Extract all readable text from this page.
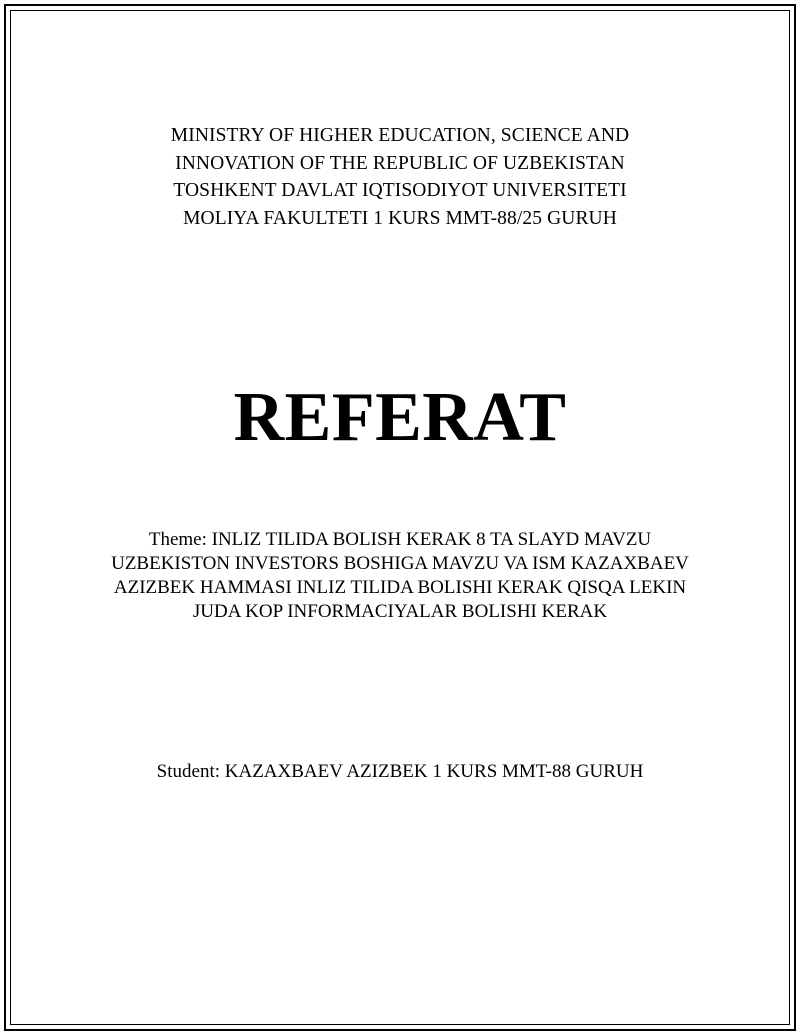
MINISTRY OF HIGHER EDUCATION, SCIENCE AND
INNOVATION OF THE REPUBLIC OF UZBEKISTAN
TOSHKENT DAVLAT IQTISODIYOT UNIVERSITETI
MOLIYA FAKULTETI 1 KURS MMT-88/25 GURUH
REFERAT
Theme: INLIZ TILIDA BOLISH KERAK 8 TA SLAYD MAVZU
UZBEKISTON INVESTORS BOSHIGA MAVZU VA ISM KAZAXBAEV
AZIZBEK HAMMASI INLIZ TILIDA BOLISHI KERAK QISQA LEKIN
JUDA KOP INFORMACIYALAR BOLISHI KERAK
Student: KAZAXBAEV AZIZBEK 1 KURS MMT-88 GURUH
